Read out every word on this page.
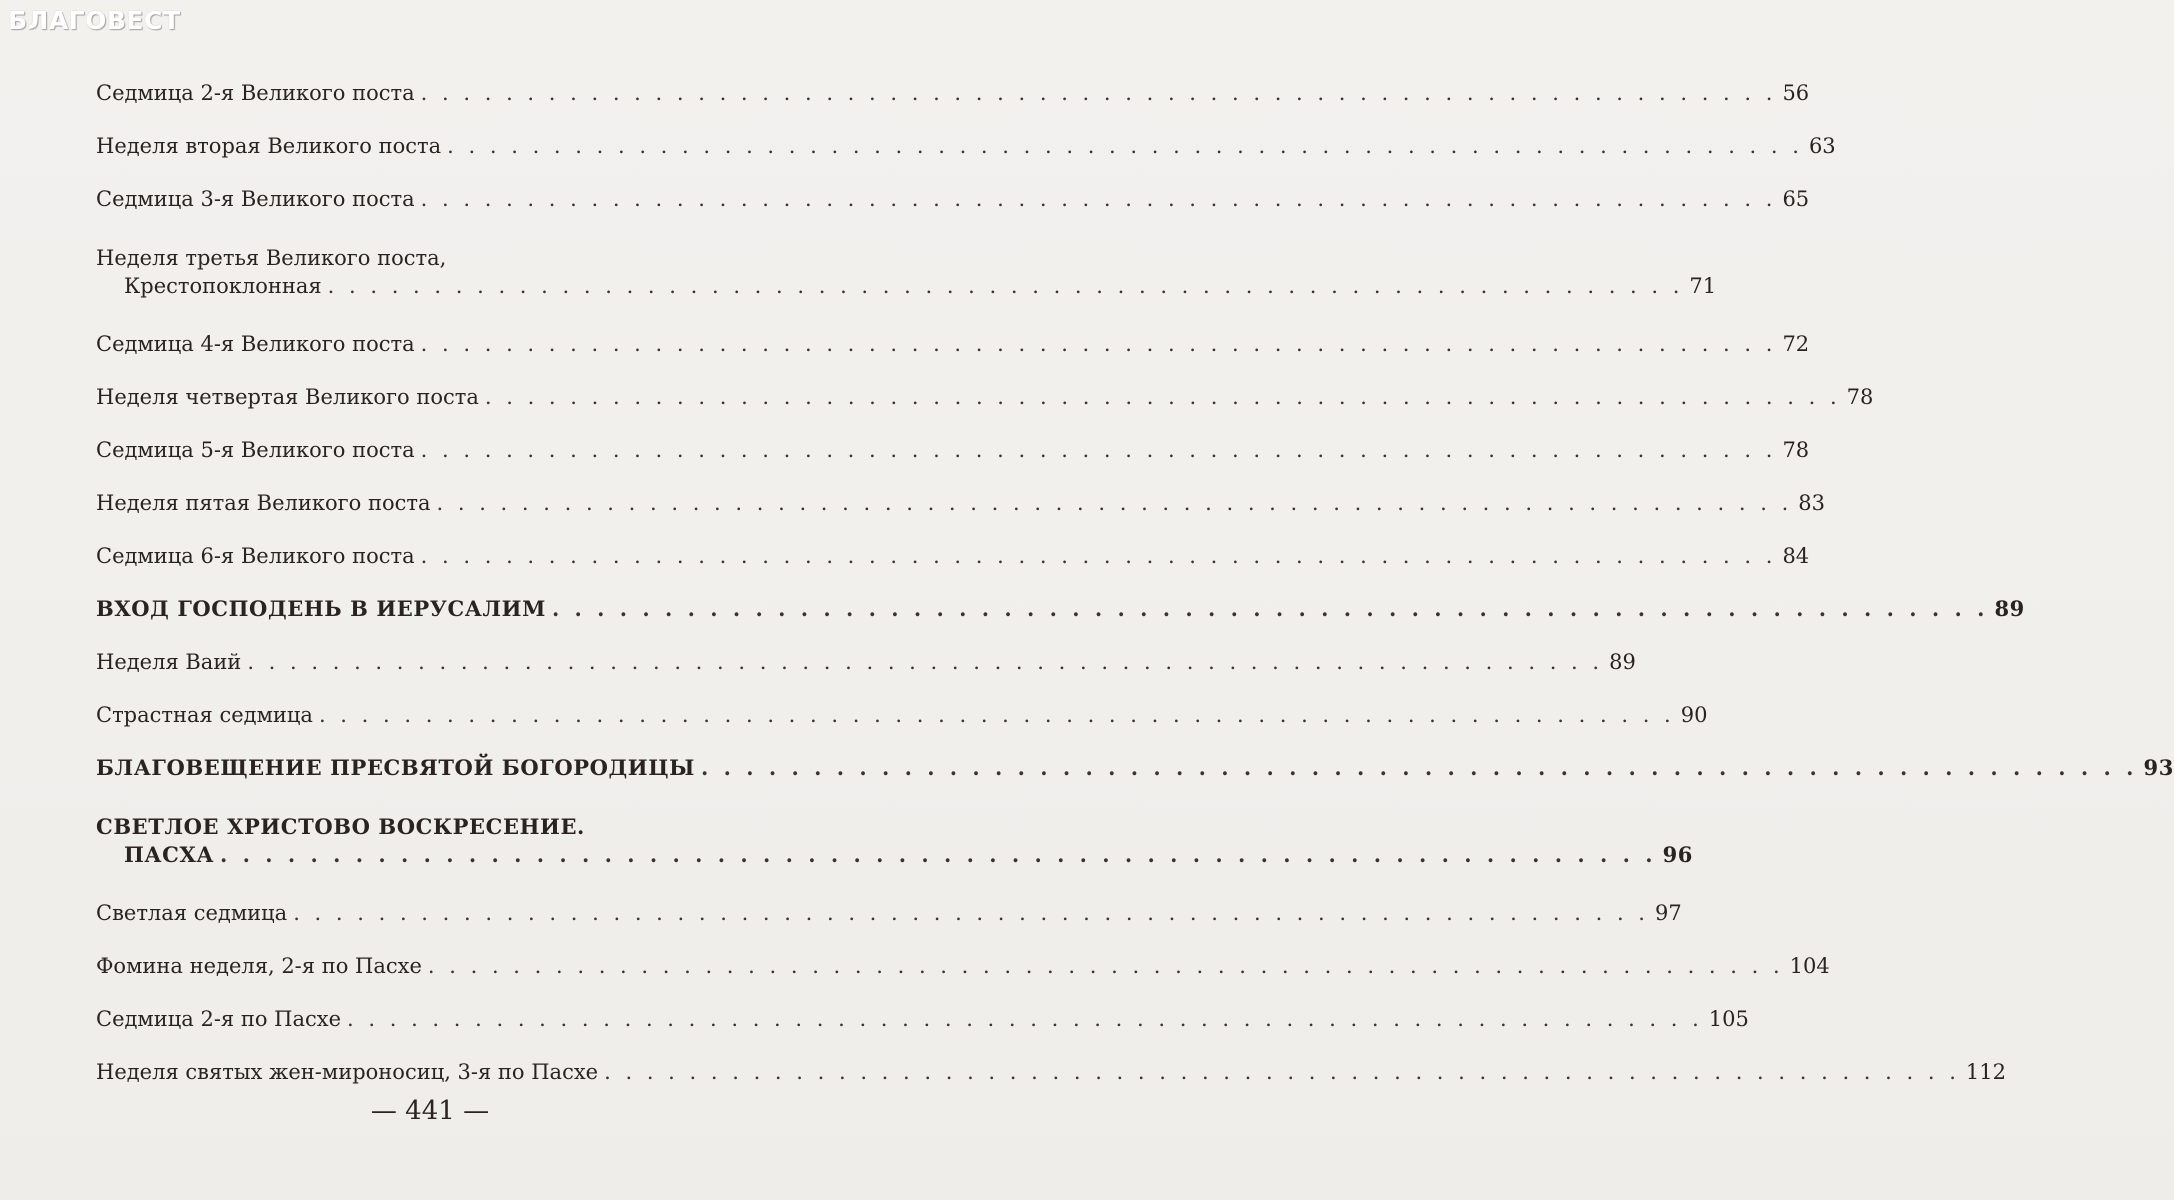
БЛАГОВЕСТ
Седмица 2-я Великого поста . . . . . . . . . . . . . . . . . . . . . . . . . . . . . . . . . . . . . . . . . . . . . . . . . . . . . . . . . . . . . . . . 56
Неделя вторая Великого поста . . . . . . . . . . . . . . . . . . . . . . . . . . . . . . . . . . . . . . . . . . . . . . . . . . . . . . . . . . . . . . . . 63
Седмица 3-я Великого поста . . . . . . . . . . . . . . . . . . . . . . . . . . . . . . . . . . . . . . . . . . . . . . . . . . . . . . . . . . . . . . . . 65
Неделя третья Великого поста,
Крестопоклонная . . . . . . . . . . . . . . . . . . . . . . . . . . . . . . . . . . . . . . . . . . . . . . . . . . . . . . . . . . . . . . . . 71
Седмица 4-я Великого поста . . . . . . . . . . . . . . . . . . . . . . . . . . . . . . . . . . . . . . . . . . . . . . . . . . . . . . . . . . . . . . . . 72
Неделя четвертая Великого поста . . . . . . . . . . . . . . . . . . . . . . . . . . . . . . . . . . . . . . . . . . . . . . . . . . . . . . . . . . . . . . . . 78
Седмица 5-я Великого поста . . . . . . . . . . . . . . . . . . . . . . . . . . . . . . . . . . . . . . . . . . . . . . . . . . . . . . . . . . . . . . . . 78
Неделя пятая Великого поста . . . . . . . . . . . . . . . . . . . . . . . . . . . . . . . . . . . . . . . . . . . . . . . . . . . . . . . . . . . . . . . . 83
Седмица 6-я Великого поста . . . . . . . . . . . . . . . . . . . . . . . . . . . . . . . . . . . . . . . . . . . . . . . . . . . . . . . . . . . . . . . . 84
ВХОД ГОСПОДЕНЬ В ИЕРУСАЛИМ . . . . . . . . . . . . . . . . . . . . . . . . . . . . . . . . . . . . . . . . . . . . . . . . . . . . . . . . . . . . . . . . 89
Неделя Ваий . . . . . . . . . . . . . . . . . . . . . . . . . . . . . . . . . . . . . . . . . . . . . . . . . . . . . . . . . . . . . . . . 89
Страстная седмица . . . . . . . . . . . . . . . . . . . . . . . . . . . . . . . . . . . . . . . . . . . . . . . . . . . . . . . . . . . . . . . . 90
БЛАГОВЕЩЕНИЕ ПРЕСВЯТОЙ БОГОРОДИЦЫ . . . . . . . . . . . . . . . . . . . . . . . . . . . . . . . . . . . . . . . . . . . . . . . . . . . . . . . . . . . . . . . . 93
СВЕТЛОЕ ХРИСТОВО ВОСКРЕСЕНИЕ.
ПАСХА . . . . . . . . . . . . . . . . . . . . . . . . . . . . . . . . . . . . . . . . . . . . . . . . . . . . . . . . . . . . . . . . 96
Светлая седмица . . . . . . . . . . . . . . . . . . . . . . . . . . . . . . . . . . . . . . . . . . . . . . . . . . . . . . . . . . . . . . . . 97
Фомина неделя, 2-я по Пасхе . . . . . . . . . . . . . . . . . . . . . . . . . . . . . . . . . . . . . . . . . . . . . . . . . . . . . . . . . . . . . . . . 104
Седмица 2-я по Пасхе . . . . . . . . . . . . . . . . . . . . . . . . . . . . . . . . . . . . . . . . . . . . . . . . . . . . . . . . . . . . . . . . 105
Неделя святых жен-мироносиц, 3-я по Пасхе . . . . . . . . . . . . . . . . . . . . . . . . . . . . . . . . . . . . . . . . . . . . . . . . . . . . . . . . . . . . . . . . 112
— 441 —
